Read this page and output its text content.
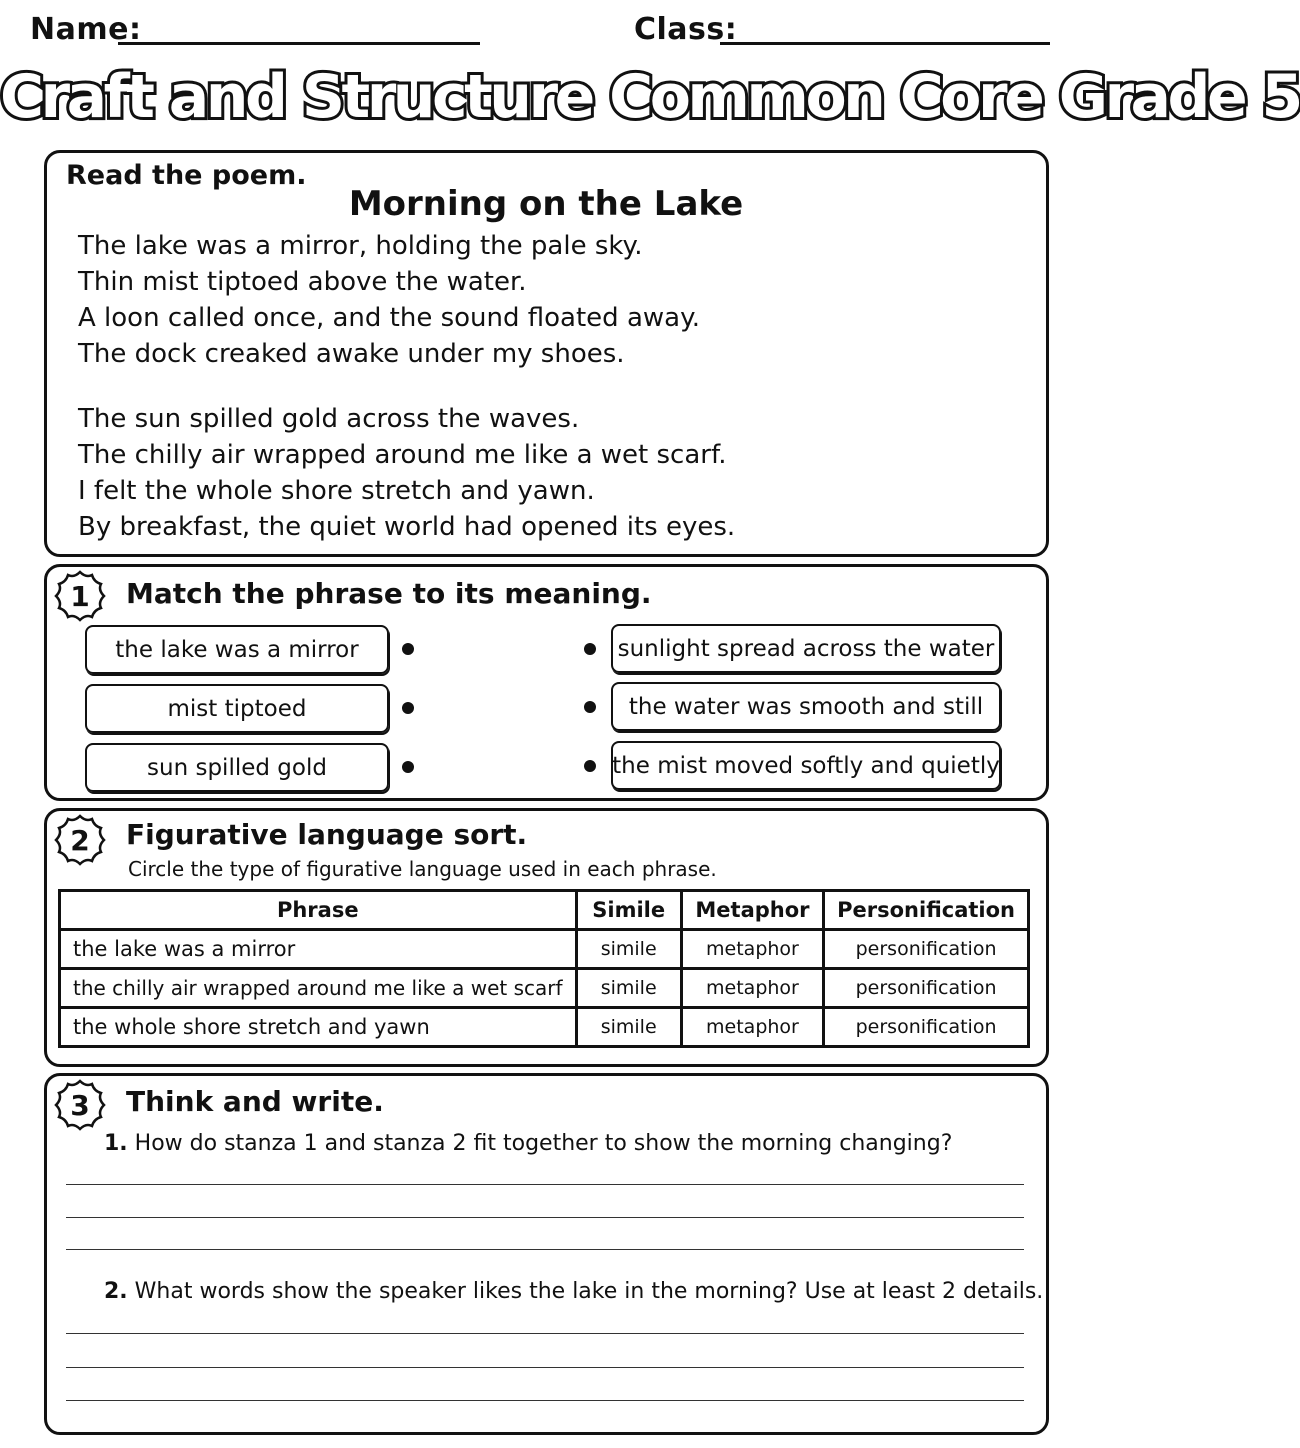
Name:	Class:
Craft and Structure Common Core Grade 5
Read the poem.
Morning on the Lake
The lake was a mirror, holding the pale sky.
Thin mist tiptoed above the water.
A loon called once, and the sound floated away.
The dock creaked awake under my shoes.
The sun spilled gold across the waves.
The chilly air wrapped around me like a wet scarf.
I felt the whole shore stretch and yawn.
By breakfast, the quiet world had opened its eyes.
1 Match the phrase to its meaning.
the lake was a mirror
mist tiptoed
sun spilled gold
sunlight spread across the water
the water was smooth and still
the mist moved softly and quietly
2 Figurative language sort.
Circle the type of figurative language used in each phrase.
Phrase	Simile	Metaphor	Personification
the lake was a mirror	simile	metaphor	personification
the chilly air wrapped around me like a wet scarf	simile	metaphor	personification
the whole shore stretch and yawn	simile	metaphor	personification
3 Think and write.
1. How do stanza 1 and stanza 2 fit together to show the morning changing?
2. What words show the speaker likes the lake in the morning? Use at least 2 details.
